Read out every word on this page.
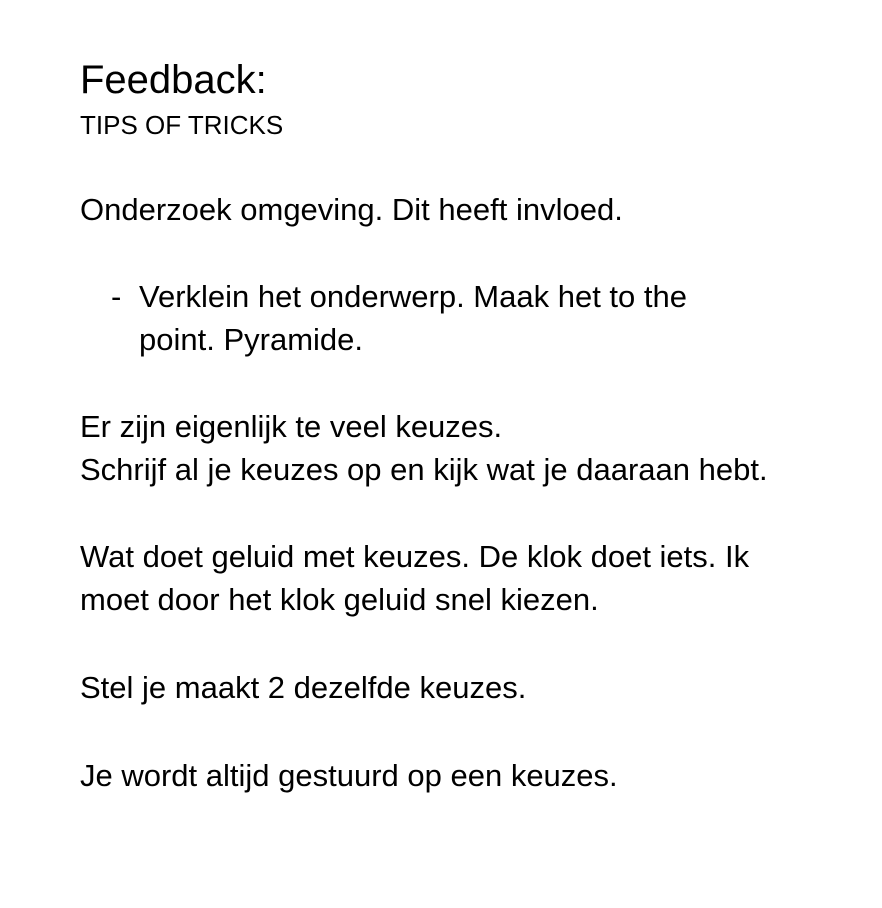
Feedback:
TIPS OF TRICKS

Onderzoek omgeving. Dit heeft invloed.

- Verklein het onderwerp. Maak het to the
point. Pyramide.

Er zijn eigenlijk te veel keuzes.
Schrijf al je keuzes op en kijk wat je daaraan hebt.

Wat doet geluid met keuzes. De klok doet iets. Ik
moet door het klok geluid snel kiezen.

Stel je maakt 2 dezelfde keuzes.

Je wordt altijd gestuurd op een keuzes.
